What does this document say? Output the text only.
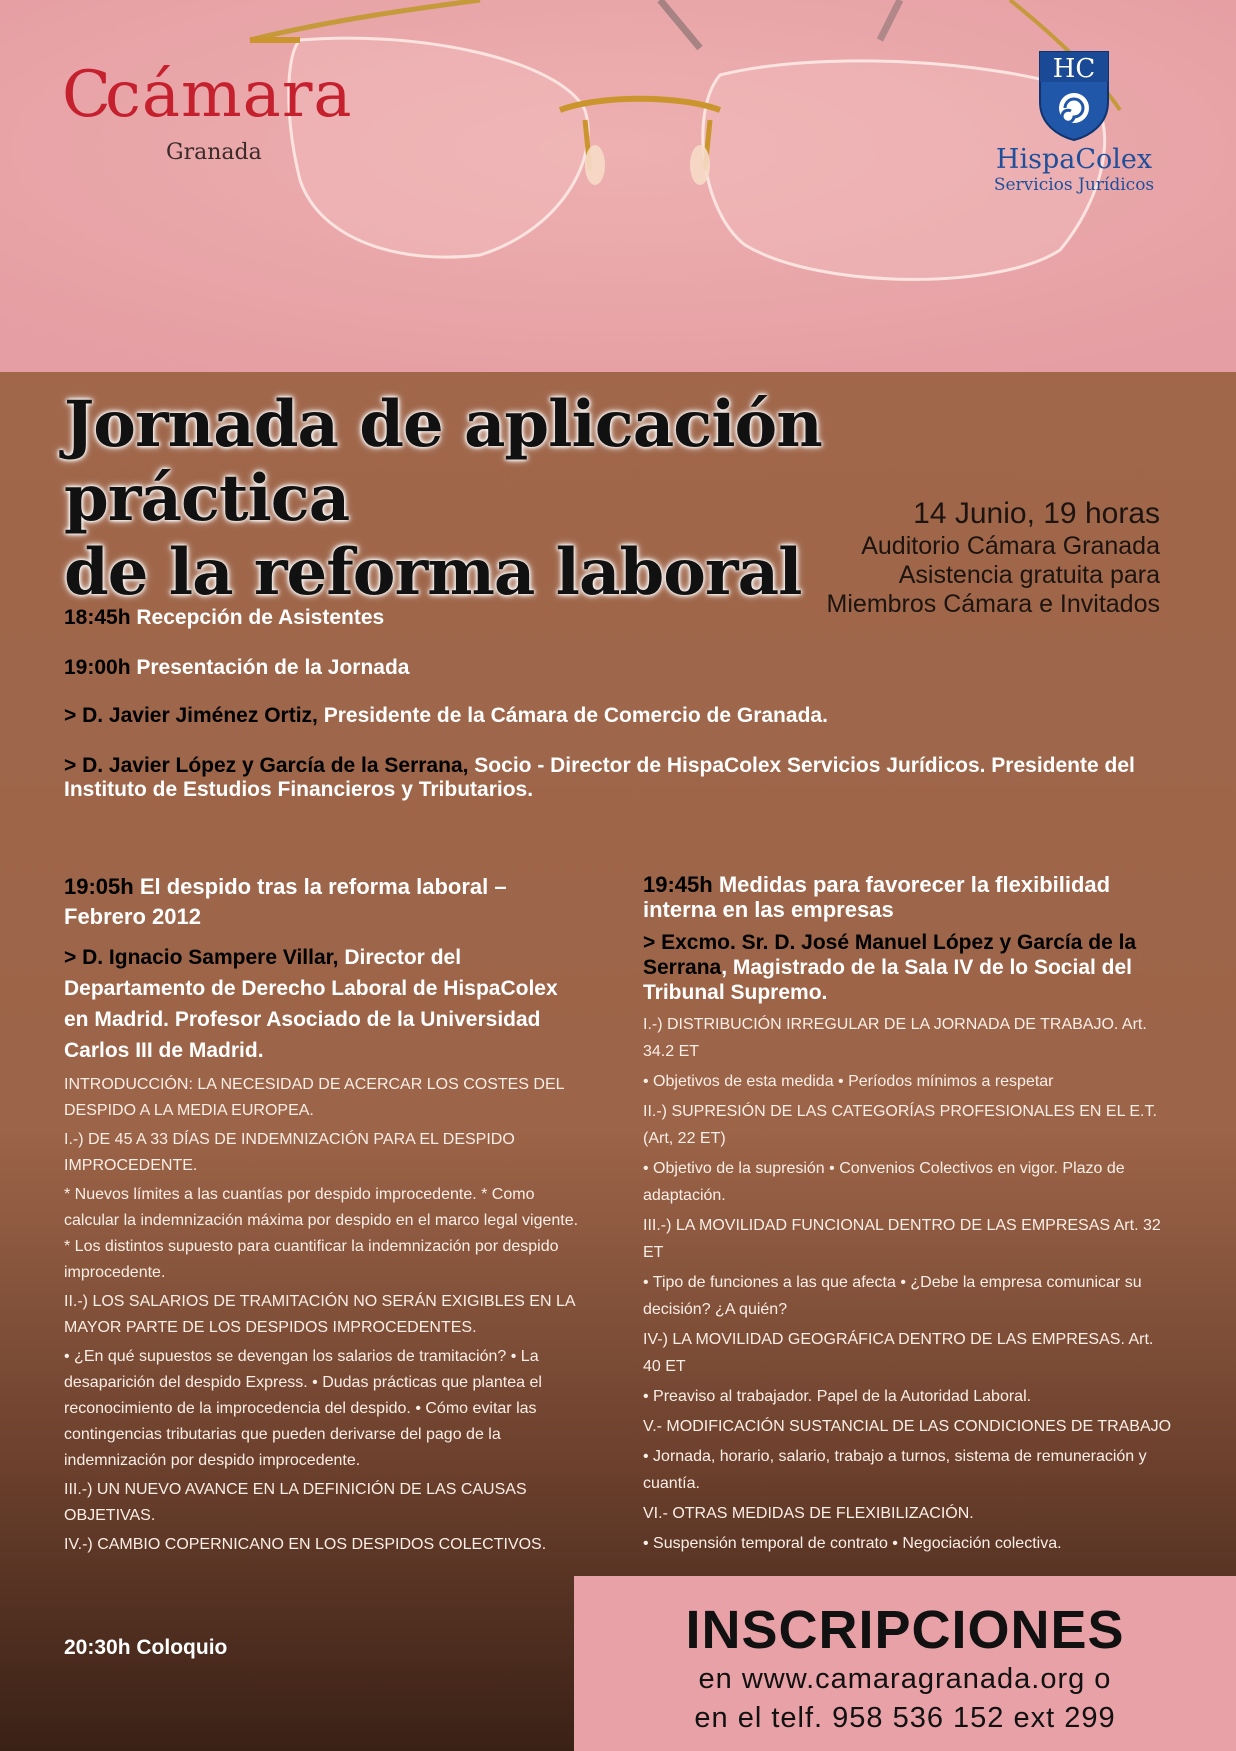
Ccámara
Granada
HC
HispaColex
Servicios Jurídicos
Jornada de aplicación práctica
de la reforma laboral
14 Junio, 19 horas
Auditorio Cámara Granada
Asistencia gratuita para
Miembros Cámara e Invitados
18:45h Recepción de Asistentes
19:00h Presentación de la Jornada
> D. Javier Jiménez Ortiz, Presidente de la Cámara de Comercio de Granada.
> D. Javier López y García de la Serrana, Socio - Director de HispaColex Servicios Jurídicos. Presidente del Instituto de Estudios Financieros y Tributarios.

19:05h El despido tras la reforma laboral – Febrero 2012

> D. Ignacio Sampere Villar, Director del Departamento de Derecho Laboral de HispaColex en Madrid. Profesor Asociado de la Universidad Carlos III de Madrid.

INTRODUCCIÓN: LA NECESIDAD DE ACERCAR LOS COSTES DEL DESPIDO A LA MEDIA EUROPEA.

I.-) DE 45 A 33 DÍAS DE INDEMNIZACIÓN PARA EL DESPIDO IMPROCEDENTE.

* Nuevos límites a las cuantías por despido improcedente. * Como calcular la indemnización máxima por despido en el marco legal vigente. * Los distintos supuesto para cuantificar la indemnización por despido improcedente.

II.-) LOS SALARIOS DE TRAMITACIÓN NO SERÁN EXIGIBLES EN LA MAYOR PARTE DE LOS DESPIDOS IMPROCEDENTES.

• ¿En qué supuestos se devengan los salarios de tramitación? • La desaparición del despido Express. • Dudas prácticas que plantea el reconocimiento de la improcedencia del despido. • Cómo evitar las contingencias tributarias que pueden derivarse del pago de la indemnización por despido improcedente.

III.-) UN NUEVO AVANCE EN LA DEFINICIÓN DE LAS CAUSAS OBJETIVAS.

IV.-) CAMBIO COPERNICANO EN LOS DESPIDOS COLECTIVOS.

19:45h Medidas para favorecer la flexibilidad interna en las empresas

> Excmo. Sr. D. José Manuel López y García de la Serrana, Magistrado de la Sala IV de lo Social del Tribunal Supremo.

I.-) DISTRIBUCIÓN IRREGULAR DE LA JORNADA DE TRABAJO. Art. 34.2 ET

• Objetivos de esta medida • Períodos mínimos a respetar

II.-) SUPRESIÓN DE LAS CATEGORÍAS PROFESIONALES EN EL E.T. (Art, 22 ET)

• Objetivo de la supresión • Convenios Colectivos en vigor. Plazo de adaptación.

III.-) LA MOVILIDAD FUNCIONAL DENTRO DE LAS EMPRESAS Art. 32 ET

• Tipo de funciones a las que afecta • ¿Debe la empresa comunicar su decisión? ¿A quién?

IV-) LA MOVILIDAD GEOGRÁFICA DENTRO DE LAS EMPRESAS. Art. 40 ET

• Preaviso al trabajador. Papel de la Autoridad Laboral.

V.- MODIFICACIÓN SUSTANCIAL DE LAS CONDICIONES DE TRABAJO

• Jornada, horario, salario, trabajo a turnos, sistema de remuneración y cuantía.

VI.- OTRAS MEDIDAS DE FLEXIBILIZACIÓN.

• Suspensión temporal de contrato • Negociación colectiva.

20:30h Coloquio	INSCRIPCIONES
en www.camaragranada.org o
en el telf. 958 536 152 ext 299
